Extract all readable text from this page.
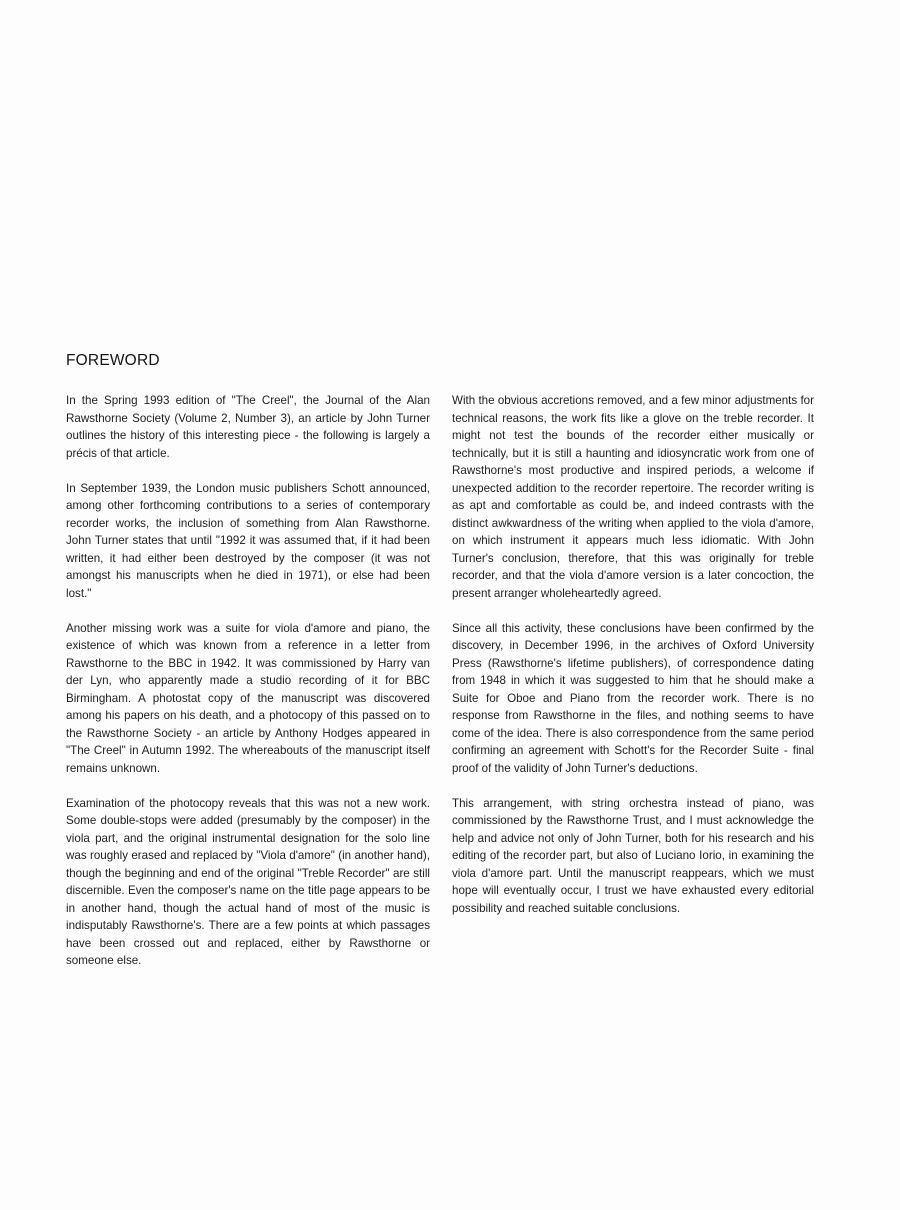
FOREWORD

In the Spring 1993 edition of "The Creel", the Journal of the Alan Rawsthorne Society (Volume 2, Number 3), an article by John Turner outlines the history of this interesting piece - the following is largely a précis of that article.

In September 1939, the London music publishers Schott announced, among other forthcoming contributions to a series of contemporary recorder works, the inclusion of something from Alan Rawsthorne. John Turner states that until "1992 it was assumed that, if it had been written, it had either been destroyed by the composer (it was not amongst his manuscripts when he died in 1971), or else had been lost."

Another missing work was a suite for viola d'amore and piano, the existence of which was known from a reference in a letter from Rawsthorne to the BBC in 1942. It was commissioned by Harry van der Lyn, who apparently made a studio recording of it for BBC Birmingham. A photostat copy of the manuscript was discovered among his papers on his death, and a photocopy of this passed on to the Rawsthorne Society - an article by Anthony Hodges appeared in "The Creel" in Autumn 1992. The whereabouts of the manuscript itself remains unknown.

Examination of the photocopy reveals that this was not a new work. Some double-stops were added (presumably by the composer) in the viola part, and the original instrumental designation for the solo line was roughly erased and replaced by "Viola d'amore" (in another hand), though the beginning and end of the original "Treble Recorder" are still discernible. Even the composer's name on the title page appears to be in another hand, though the actual hand of most of the music is indisputably Rawsthorne's. There are a few points at which passages have been crossed out and replaced, either by Rawsthorne or someone else.

With the obvious accretions removed, and a few minor adjustments for technical reasons, the work fits like a glove on the treble recorder. It might not test the bounds of the recorder either musically or technically, but it is still a haunting and idiosyncratic work from one of Rawsthorne's most productive and inspired periods, a welcome if unexpected addition to the recorder repertoire. The recorder writing is as apt and comfortable as could be, and indeed contrasts with the distinct awkwardness of the writing when applied to the viola d'amore, on which instrument it appears much less idiomatic. With John Turner's conclusion, therefore, that this was originally for treble recorder, and that the viola d'amore version is a later concoction, the present arranger wholeheartedly agreed.

Since all this activity, these conclusions have been confirmed by the discovery, in December 1996, in the archives of Oxford University Press (Rawsthorne's lifetime publishers), of correspondence dating from 1948 in which it was suggested to him that he should make a Suite for Oboe and Piano from the recorder work. There is no response from Rawsthorne in the files, and nothing seems to have come of the idea. There is also correspondence from the same period confirming an agreement with Schott's for the Recorder Suite - final proof of the validity of John Turner's deductions.

This arrangement, with string orchestra instead of piano, was commissioned by the Rawsthorne Trust, and I must acknowledge the help and advice not only of John Turner, both for his research and his editing of the recorder part, but also of Luciano Iorio, in examining the viola d'amore part. Until the manuscript reappears, which we must hope will eventually occur, I trust we have exhausted every editorial possibility and reached suitable conclusions.
